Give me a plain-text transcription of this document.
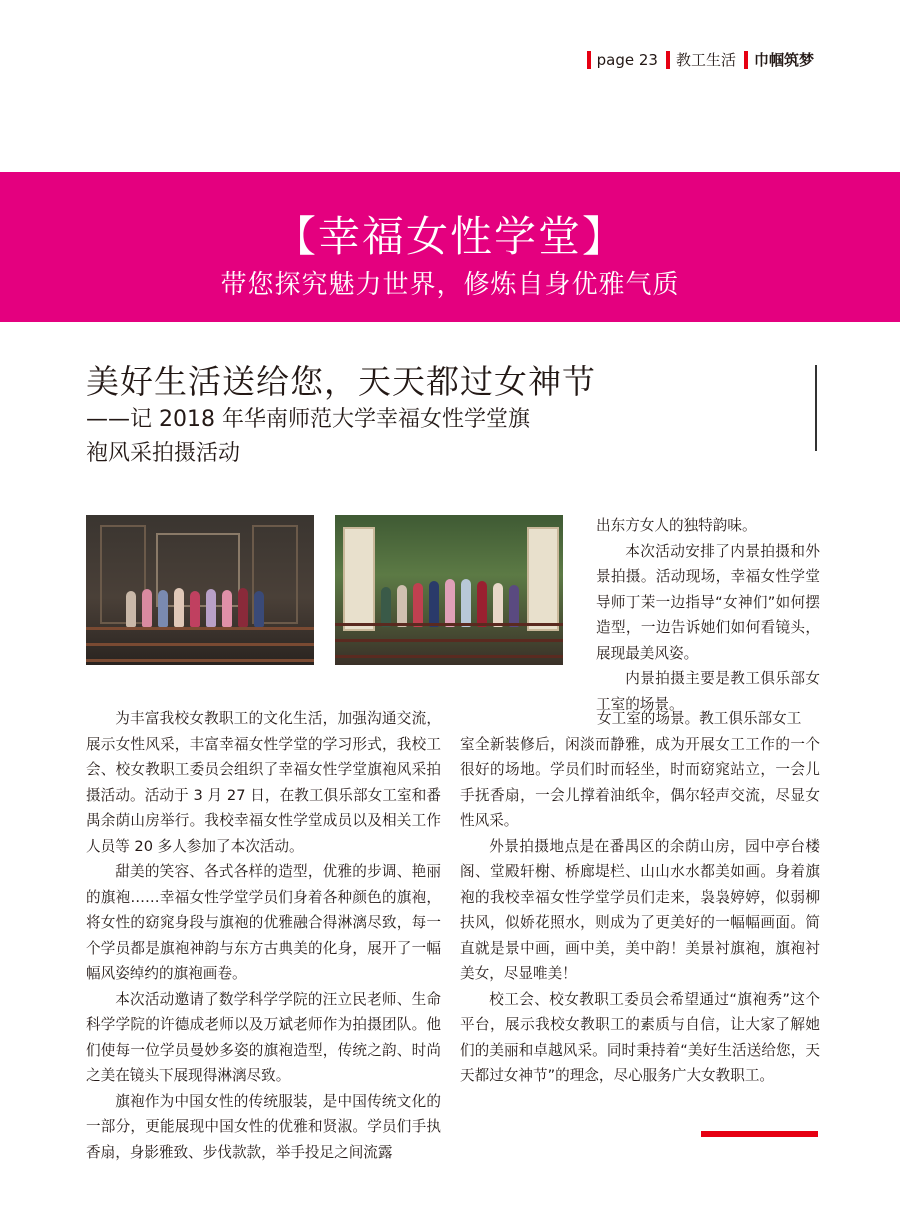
page 23 教工生活 巾帼筑梦
【幸福女性学堂】
带您探究魅力世界，修炼自身优雅气质
美好生活送给您，天天都过女神节
——记 2018 年华南师范大学幸福女性学堂旗
袍风采拍摄活动

出东方女人的独特韵味。

本次活动安排了内景拍摄和外景拍摄。活动现场，幸福女性学堂导师丁茉一边指导“女神们”如何摆造型，一边告诉她们如何看镜头，展现最美风姿。

内景拍摄主要是教工俱乐部女工室的场景。

为丰富我校女教职工的文化生活，加强沟通交流，展示女性风采，丰富幸福女性学堂的学习形式，我校工会、校女教职工委员会组织了幸福女性学堂旗袍风采拍摄活动。活动于 3 月 27 日，在教工俱乐部女工室和番禺余荫山房举行。我校幸福女性学堂成员以及相关工作人员等 20 多人参加了本次活动。

甜美的笑容、各式各样的造型，优雅的步调、艳丽的旗袍……幸福女性学堂学员们身着各种颜色的旗袍，将女性的窈窕身段与旗袍的优雅融合得淋漓尽致，每一个学员都是旗袍神韵与东方古典美的化身，展开了一幅幅风姿绰约的旗袍画卷。

本次活动邀请了数学科学学院的汪立民老师、生命科学学院的许德成老师以及万斌老师作为拍摄团队。他们使每一位学员曼妙多姿的旗袍造型，传统之韵、时尚之美在镜头下展现得淋漓尽致。

旗袍作为中国女性的传统服装，是中国传统文化的一部分，更能展现中国女性的优雅和贤淑。学员们手执香扇，身影雅致、步伐款款，举手投足之间流露

女工室的场景。教工俱乐部女工

室全新装修后，闲淡而静雅，成为开展女工工作的一个很好的场地。学员们时而轻坐，时而窈窕站立，一会儿手抚香扇，一会儿撑着油纸伞，偶尔轻声交流，尽显女性风采。

外景拍摄地点是在番禺区的余荫山房，园中亭台楼阁、堂殿轩榭、桥廊堤栏、山山水水都美如画。身着旗袍的我校幸福女性学堂学员们走来，袅袅婷婷，似弱柳扶风，似娇花照水，则成为了更美好的一幅幅画面。简直就是景中画，画中美，美中韵！美景衬旗袍，旗袍衬美女，尽显唯美！

校工会、校女教职工委员会希望通过“旗袍秀”这个平台，展示我校女教职工的素质与自信，让大家了解她们的美丽和卓越风采。同时秉持着“美好生活送给您，天天都过女神节”的理念，尽心服务广大女教职工。
